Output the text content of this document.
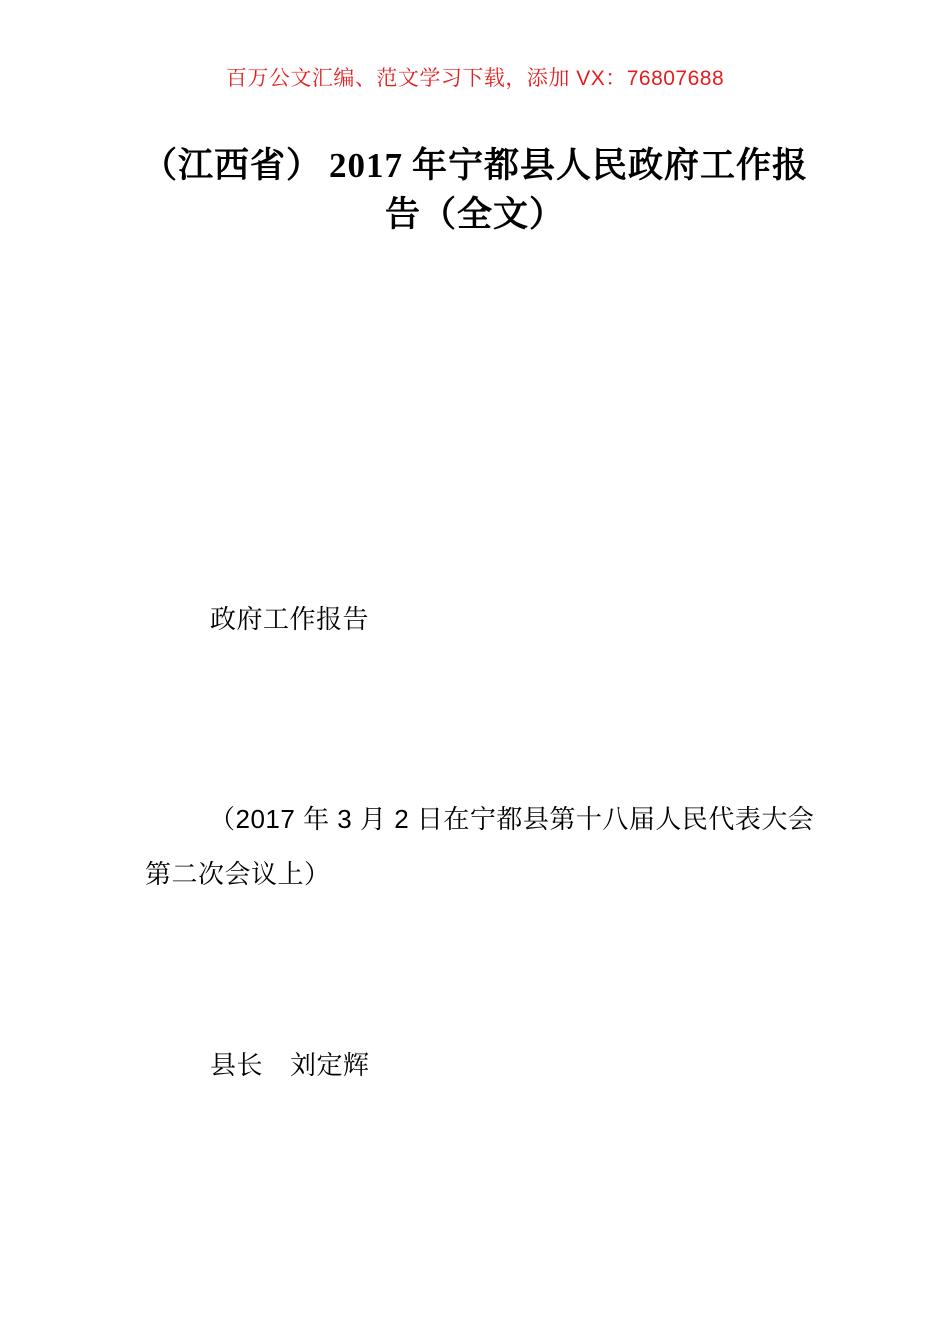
百万公文汇编、范文学习下载，添加 VX：76807688
（江西省） 2017 年宁都县人民政府工作报
告（全文）
政府工作报告
（2017 年 3 月 2 日在宁都县第十八届人民代表大会
第二次会议上）
县长 刘定辉
